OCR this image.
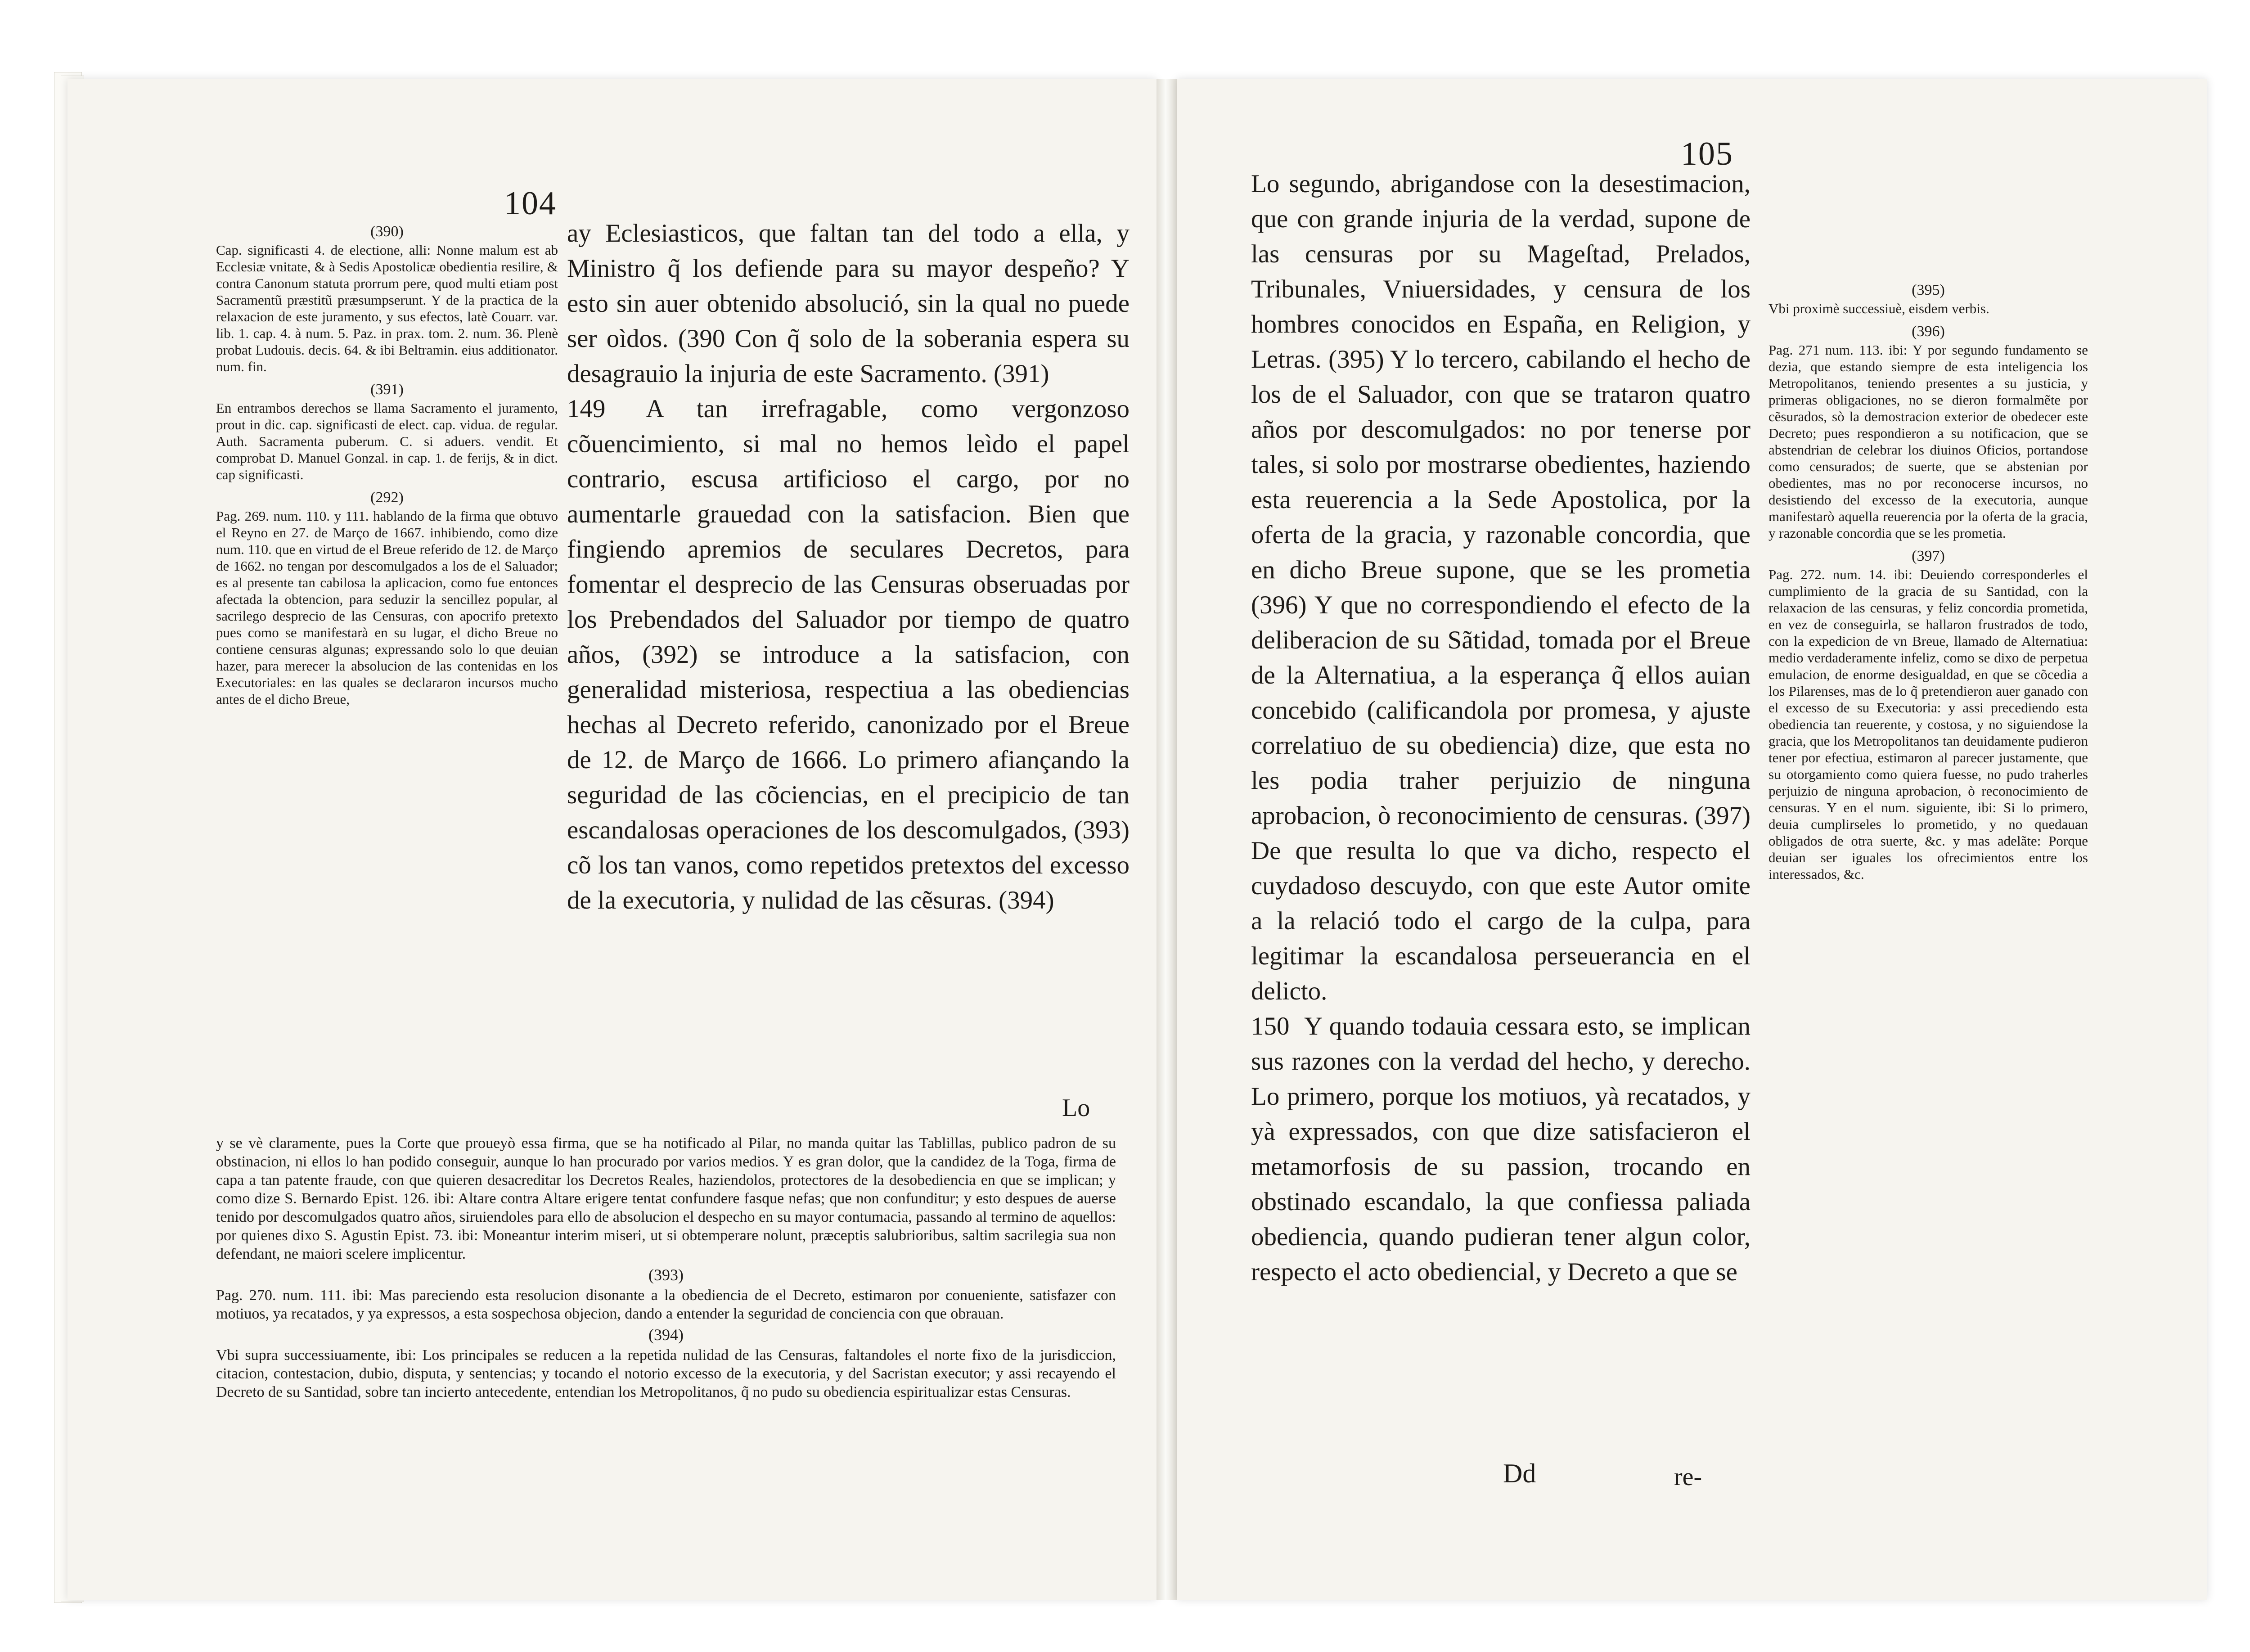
104
(390)
Cap. significasti 4. de electione, alli: Nonne malum est ab Ecclesiæ vnitate, & à Sedis Apostolicæ obedientia resilire, & contra Canonum statuta prorrum pere, quod multi etiam post Sacramentũ præstitũ præsumpserunt. Y de la practica de la relaxacion de este juramento, y sus efectos, latè Couarr. var. lib. 1. cap. 4. à num. 5. Paz. in prax. tom. 2. num. 36. Plenè probat Ludouis. decis. 64. & ibi Beltramin. eius additionator. num. fin.
(391)
En entrambos derechos se llama Sacramento el juramento, prout in dic. cap. significasti de elect. cap. vidua. de regular. Auth. Sacramenta puberum. C. si aduers. vendit. Et comprobat D. Manuel Gonzal. in cap. 1. de ferijs, & in dict. cap significasti.
(292)
Pag. 269. num. 110. y 111. hablando de la firma que obtuvo el Reyno en 27. de Março de 1667. inhibiendo, como dize num. 110. que en virtud de el Breue referido de 12. de Março de 1662. no tengan por descomulgados a los de el Saluador; es al presente tan cabilosa la aplicacion, como fue entonces afectada la obtencion, para seduzir la sencillez popular, al sacrilego desprecio de las Censuras, con apocrifo pretexto pues como se manifestarà en su lugar, el dicho Breue no contiene censuras algunas; expressando solo lo que deuian hazer, para merecer la absolucion de las contenidas en los Executoriales: en las quales se declararon incursos mucho antes de el dicho Breue,
ay Eclesiasticos, que faltan tan del todo a ella, y Ministro q̃ los defiende para su mayor despeño? Y esto sin auer obtenido absolució, sin la qual no puede ser oìdos. (390 Con q̃ solo de la soberania espera su desagrauio la injuria de este Sacramento. (391)
149 A tan irrefragable, como vergonzoso cõuencimiento, si mal no hemos leìdo el papel contrario, escusa artificioso el cargo, por no aumentarle grauedad con la satisfacion. Bien que fingiendo apremios de seculares Decretos, para fomentar el desprecio de las Censuras obseruadas por los Prebendados del Saluador por tiempo de quatro años, (392) se introduce a la satisfacion, con generalidad misteriosa, respectiua a las obediencias hechas al Decreto referido, canonizado por el Breue de 12. de Março de 1666. Lo primero afiançando la seguridad de las cõciencias, en el precipicio de tan escandalosas operaciones de los descomulgados, (393) cõ los tan vanos, como repetidos pretextos del excesso de la executoria, y nulidad de las cẽsuras. (394)
Lo
y se vè claramente, pues la Corte que proueyò essa firma, que se ha notificado al Pilar, no manda quitar las Tablillas, publico padron de su obstinacion, ni ellos lo han podido conseguir, aunque lo han procurado por varios medios. Y es gran dolor, que la candidez de la Toga, firma de capa a tan patente fraude, con que quieren desacreditar los Decretos Reales, haziendolos, protectores de la desobediencia en que se implican; y como dize S. Bernardo Epist. 126. ibi: Altare contra Altare erigere tentat confundere fasque nefas; que non confunditur; y esto despues de auerse tenido por descomulgados quatro años, siruiendoles para ello de absolucion el despecho en su mayor contumacia, passando al termino de aquellos: por quienes dixo S. Agustin Epist. 73. ibi: Moneantur interim miseri, ut si obtemperare nolunt, præceptis salubrioribus, saltim sacrilegia sua non defendant, ne maiori scelere implicentur.
(393)
Pag. 270. num. 111. ibi: Mas pareciendo esta resolucion disonante a la obediencia de el Decreto, estimaron por conueniente, satisfazer con motiuos, ya recatados, y ya expressos, a esta sospechosa objecion, dando a entender la seguridad de conciencia con que obrauan.
(394)
Vbi supra successiuamente, ibi: Los principales se reducen a la repetida nulidad de las Censuras, faltandoles el norte fixo de la jurisdiccion, citacion, contestacion, dubio, disputa, y sentencias; y tocando el notorio excesso de la executoria, y del Sacristan executor; y assi recayendo el Decreto de su Santidad, sobre tan incierto antecedente, entendian los Metropolitanos, q̃ no pudo su obediencia espiritualizar estas Censuras.
105
Lo segundo, abrigandose con la desestimacion, que con grande injuria de la verdad, supone de las censuras por su Mageſtad, Prelados, Tribunales, Vniuersidades, y censura de los hombres conocidos en España, en Religion, y Letras. (395) Y lo tercero, cabilando el hecho de los de el Saluador, con que se trataron quatro años por descomulgados: no por tenerse por tales, si solo por mostrarse obedientes, haziendo esta reuerencia a la Sede Apostolica, por la oferta de la gracia, y razonable concordia, que en dicho Breue supone, que se les prometia (396) Y que no correspondiendo el efecto de la deliberacion de su Sãtidad, tomada por el Breue de la Alternatiua, a la esperança q̃ ellos auian concebido (calificandola por promesa, y ajuste correlatiuo de su obediencia) dize, que esta no les podia traher perjuizio de ninguna aprobacion, ò reconocimiento de censuras. (397) De que resulta lo que va dicho, respecto el cuydadoso descuydo, con que este Autor omite a la relació todo el cargo de la culpa, para legitimar la escandalosa perseuerancia en el delicto.
150 Y quando todauia cessara esto, se implican sus razones con la verdad del hecho, y derecho. Lo primero, porque los motiuos, yà recatados, y yà expressados, con que dize satisfacieron el metamorfosis de su passion, trocando en obstinado escandalo, la que confiessa paliada obediencia, quando pudieran tener algun color, respecto el acto obediencial, y Decreto a que se
Dd	re-
(395)
Vbi proximè successiuè, eisdem verbis.
(396)
Pag. 271 num. 113. ibi: Y por segundo fundamento se dezia, que estando siempre de esta inteligencia los Metropolitanos, teniendo presentes a su justicia, y primeras obligaciones, no se dieron formalmẽte por cẽsurados, sò la demostracion exterior de obedecer este Decreto; pues respondieron a su notificacion, que se abstendrian de celebrar los diuinos Oficios, portandose como censurados; de suerte, que se abstenian por obedientes, mas no por reconocerse incursos, no desistiendo del excesso de la executoria, aunque manifestarò aquella reuerencia por la oferta de la gracia, y razonable concordia que se les prometia.
(397)
Pag. 272. num. 14. ibi: Deuiendo corresponderles el cumplimiento de la gracia de su Santidad, con la relaxacion de las censuras, y feliz concordia prometida, en vez de conseguirla, se hallaron frustrados de todo, con la expedicion de vn Breue, llamado de Alternatiua: medio verdaderamente infeliz, como se dixo de perpetua emulacion, de enorme desigualdad, en que se cõcedia a los Pilarenses, mas de lo q̃ pretendieron auer ganado con el excesso de su Executoria: y assi precediendo esta obediencia tan reuerente, y costosa, y no siguiendose la gracia, que los Metropolitanos tan deuidamente pudieron tener por efectiua, estimaron al parecer justamente, que su otorgamiento como quiera fuesse, no pudo traherles perjuizio de ninguna aprobacion, ò reconocimiento de censuras. Y en el num. siguiente, ibi: Si lo primero, deuia cumplirseles lo prometido, y no quedauan obligados de otra suerte, &c. y mas adelãte: Porque deuian ser iguales los ofrecimientos entre los interessados, &c.
